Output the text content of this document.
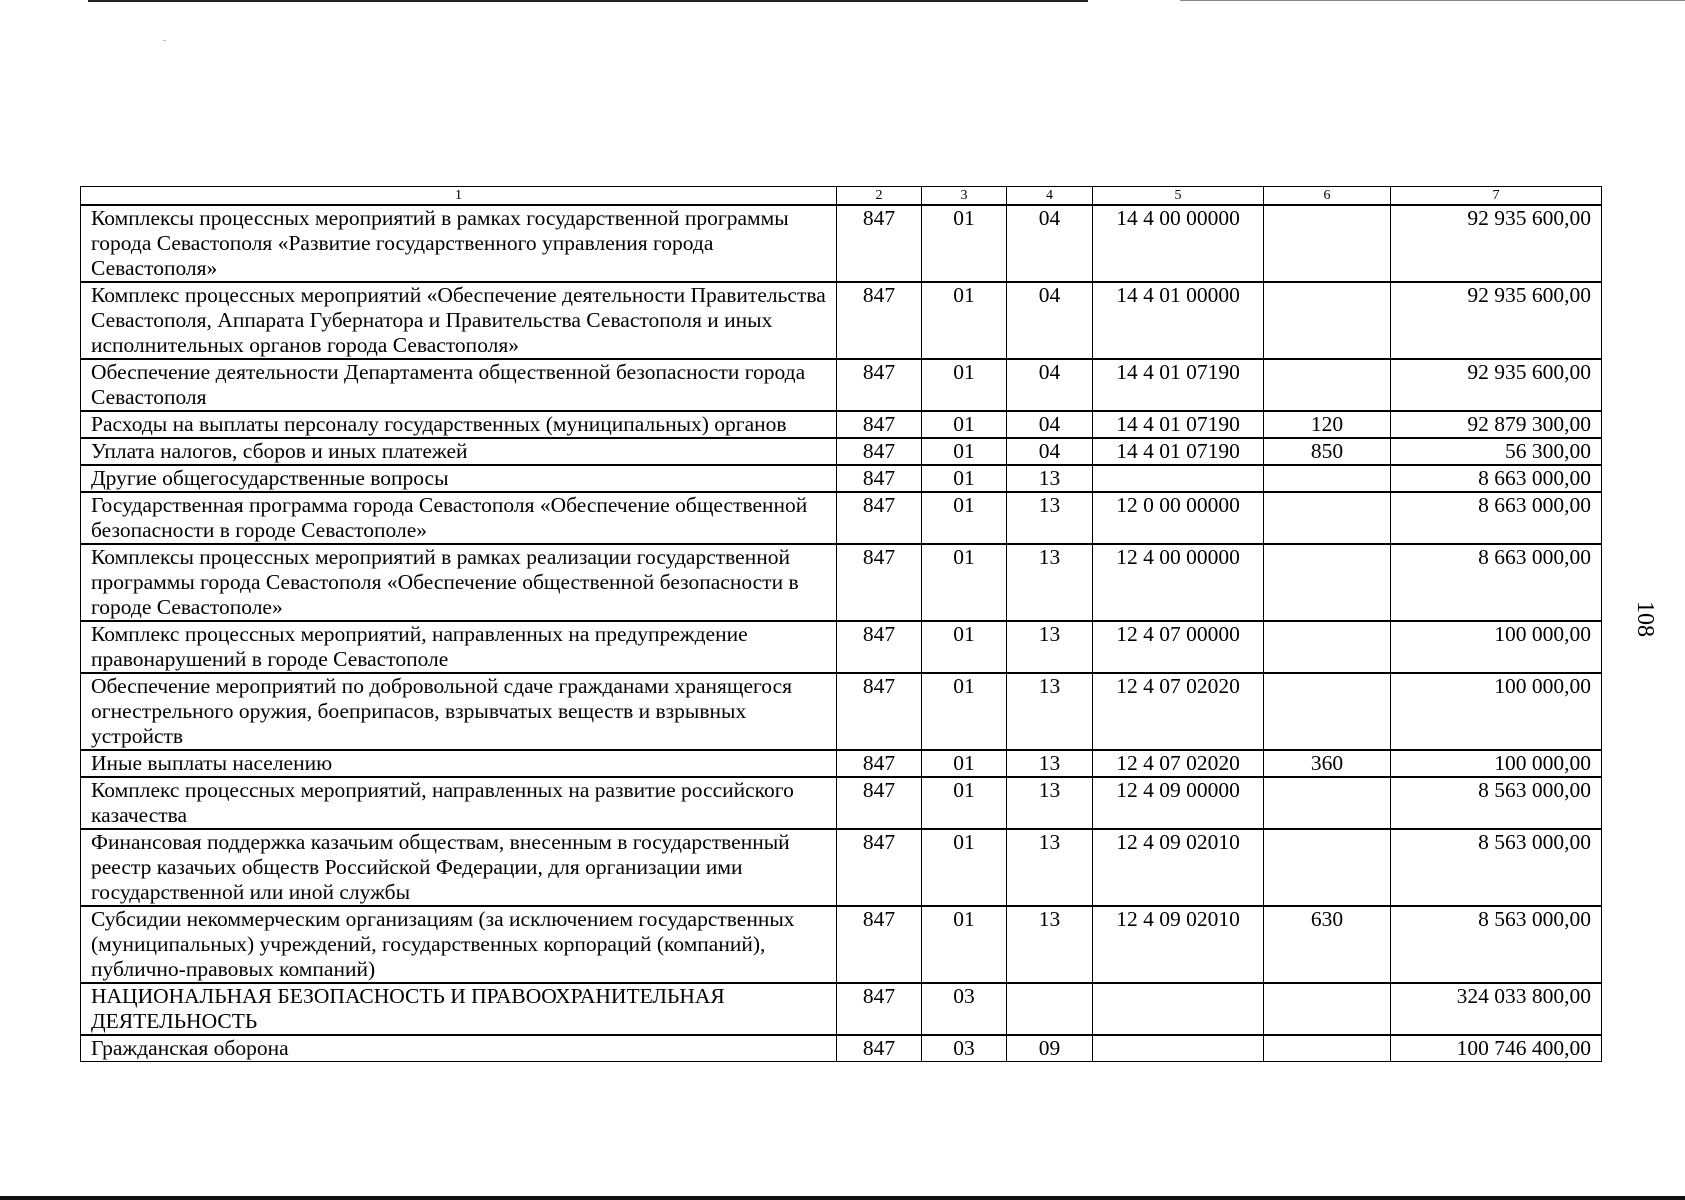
1	2	3	4	5	6	7
Комплексы процессных мероприятий в рамках государственной программы города Севастополя «Развитие государственного управления города Севастополя»	847	01	04	14 4 00 00000		92 935 600,00
Комплекс процессных мероприятий «Обеспечение деятельности Правительства Севастополя, Аппарата Губернатора и Правительства Севастополя и иных исполнительных органов города Севастополя»	847	01	04	14 4 01 00000		92 935 600,00
Обеспечение деятельности Департамента общественной безопасности города Севастополя	847	01	04	14 4 01 07190		92 935 600,00
Расходы на выплаты персоналу государственных (муниципальных) органов	847	01	04	14 4 01 07190	120	92 879 300,00
Уплата налогов, сборов и иных платежей	847	01	04	14 4 01 07190	850	56 300,00
Другие общегосударственные вопросы	847	01	13			8 663 000,00
Государственная программа города Севастополя «Обеспечение общественной безопасности в городе Севастополе»	847	01	13	12 0 00 00000		8 663 000,00
Комплексы процессных мероприятий в рамках реализации государственной программы города Севастополя «Обеспечение общественной безопасности в городе Севастополе»	847	01	13	12 4 00 00000		8 663 000,00
Комплекс процессных мероприятий, направленных на предупреждение правонарушений в городе Севастополе	847	01	13	12 4 07 00000		100 000,00
Обеспечение мероприятий по добровольной сдаче гражданами хранящегося огнестрельного оружия, боеприпасов, взрывчатых веществ и взрывных устройств	847	01	13	12 4 07 02020		100 000,00
Иные выплаты населению	847	01	13	12 4 07 02020	360	100 000,00
Комплекс процессных мероприятий, направленных на развитие российского казачества	847	01	13	12 4 09 00000		8 563 000,00
Финансовая поддержка казачьим обществам, внесенным в государственный реестр казачьих обществ Российской Федерации, для организации ими государственной или иной службы	847	01	13	12 4 09 02010		8 563 000,00
Субсидии некоммерческим организациям (за исключением государственных (муниципальных) учреждений, государственных корпораций (компаний), публично-правовых компаний)	847	01	13	12 4 09 02010	630	8 563 000,00
НАЦИОНАЛЬНАЯ БЕЗОПАСНОСТЬ И ПРАВООХРАНИТЕЛЬНАЯ ДЕЯТЕЛЬНОСТЬ	847	03				324 033 800,00
Гражданская оборона	847	03	09			100 746 400,00
108
